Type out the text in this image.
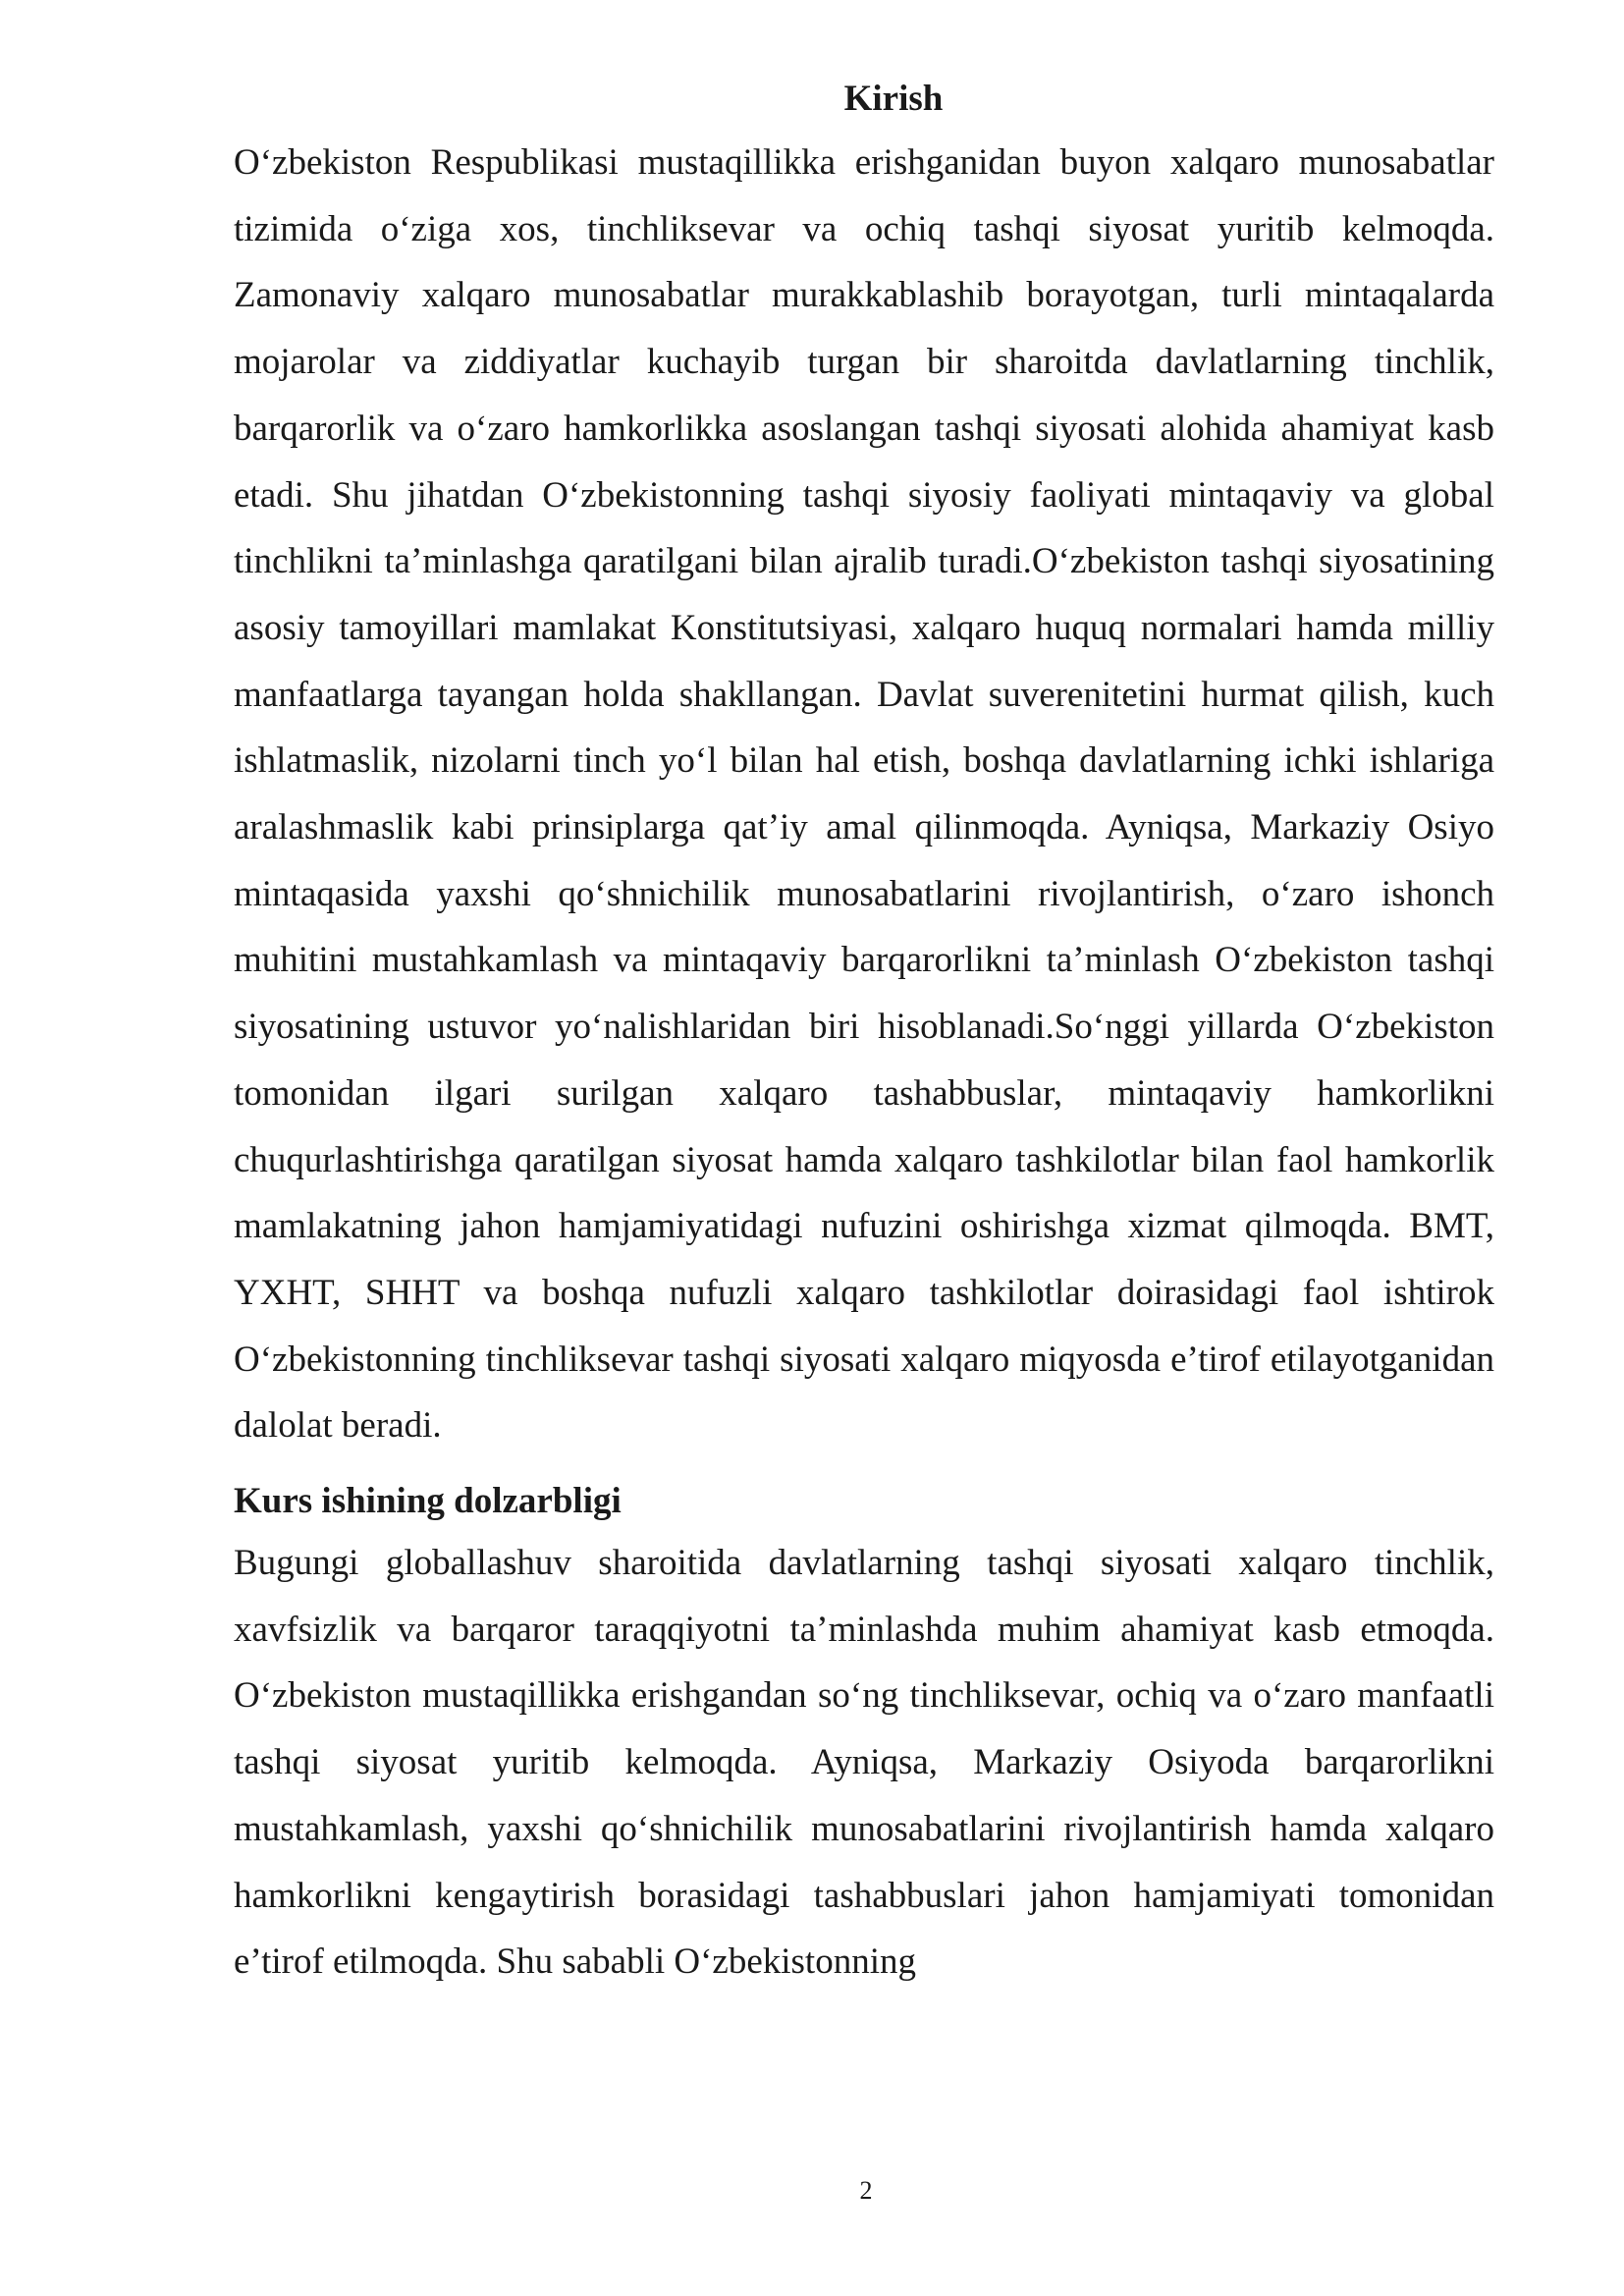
Kirish

O‘zbekiston Respublikasi mustaqillikka erishganidan buyon xalqaro munosabatlar tizimida o‘ziga xos, tinchliksevar va ochiq tashqi siyosat yuritib kelmoqda. Zamonaviy xalqaro munosabatlar murakkablashib borayotgan, turli mintaqalarda mojarolar va ziddiyatlar kuchayib turgan bir sharoitda davlatlarning tinchlik, barqarorlik va o‘zaro hamkorlikka asoslangan tashqi siyosati alohida ahamiyat kasb etadi. Shu jihatdan O‘zbekistonning tashqi siyosiy faoliyati mintaqaviy va global tinchlikni ta’minlashga qaratilgani bilan ajralib turadi.O‘zbekiston tashqi siyosatining asosiy tamoyillari mamlakat Konstitutsiyasi, xalqaro huquq normalari hamda milliy manfaatlarga tayangan holda shakllangan. Davlat suverenitetini hurmat qilish, kuch ishlatmaslik, nizolarni tinch yo‘l bilan hal etish, boshqa davlatlarning ichki ishlariga aralashmaslik kabi prinsiplarga qat’iy amal qilinmoqda. Ayniqsa, Markaziy Osiyo mintaqasida yaxshi qo‘shnichilik munosabatlarini rivojlantirish, o‘zaro ishonch muhitini mustahkamlash va mintaqaviy barqarorlikni ta’minlash O‘zbekiston tashqi siyosatining ustuvor yo‘nalishlaridan biri hisoblanadi.So‘nggi yillarda O‘zbekiston tomonidan ilgari surilgan xalqaro tashabbuslar, mintaqaviy hamkorlikni chuqurlashtirishga qaratilgan siyosat hamda xalqaro tashkilotlar bilan faol hamkorlik mamlakatning jahon hamjamiyatidagi nufuzini oshirishga xizmat qilmoqda. BMT, YXHT, SHHT va boshqa nufuzli xalqaro tashkilotlar doirasidagi faol ishtirok O‘zbekistonning tinchliksevar tashqi siyosati xalqaro miqyosda e’tirof etilayotganidan dalolat beradi.

Kurs ishining dolzarbligi

Bugungi globallashuv sharoitida davlatlarning tashqi siyosati xalqaro tinchlik, xavfsizlik va barqaror taraqqiyotni ta’minlashda muhim ahamiyat kasb etmoqda. O‘zbekiston mustaqillikka erishgandan so‘ng tinchliksevar, ochiq va o‘zaro manfaatli tashqi siyosat yuritib kelmoqda. Ayniqsa, Markaziy Osiyoda barqarorlikni mustahkamlash, yaxshi qo‘shnichilik munosabatlarini rivojlantirish hamda xalqaro hamkorlikni kengaytirish borasidagi tashabbuslari jahon hamjamiyati tomonidan e’tirof etilmoqda. Shu sababli O‘zbekistonning

2
